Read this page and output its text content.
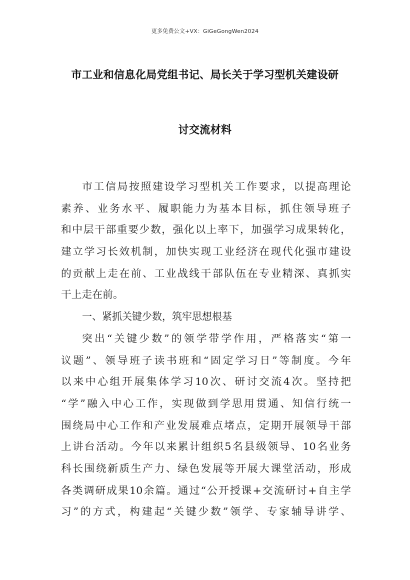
更多免费公文+VX：GiGeGongWen2024
市工业和信息化局党组书记、局长关于学习型机关建设研
讨交流材料
市工信局按照建设学习型机关工作要求，以提高理论
素养、业务水平、履职能力为基本目标，抓住领导班子
和中层干部重要少数，强化以上率下，加强学习成果转化，
建立学习长效机制，加快实现工业经济在现代化强市建设
的贡献上走在前、工业战线干部队伍在专业精深、真抓实
干上走在前。
一、紧抓关键少数，筑牢思想根基
突出“关键少数”的领学带学作用，严格落实“第一
议题”、领导班子读书班和“固定学习日”等制度。今年
以来中心组开展集体学习10次、研讨交流4次。坚持把
“学”融入中心工作，实现做到学思用贯通、知信行统一
围绕局中心工作和产业发展难点堵点，定期开展领导干部
上讲台活动。今年以来累计组织5名县级领导、10名业务
科长围绕新质生产力、绿色发展等开展大课堂活动，形成
各类调研成果10余篇。通过“公开授课+交流研讨+自主学
习”的方式，构建起“关键少数”领学、专家辅导讲学、
